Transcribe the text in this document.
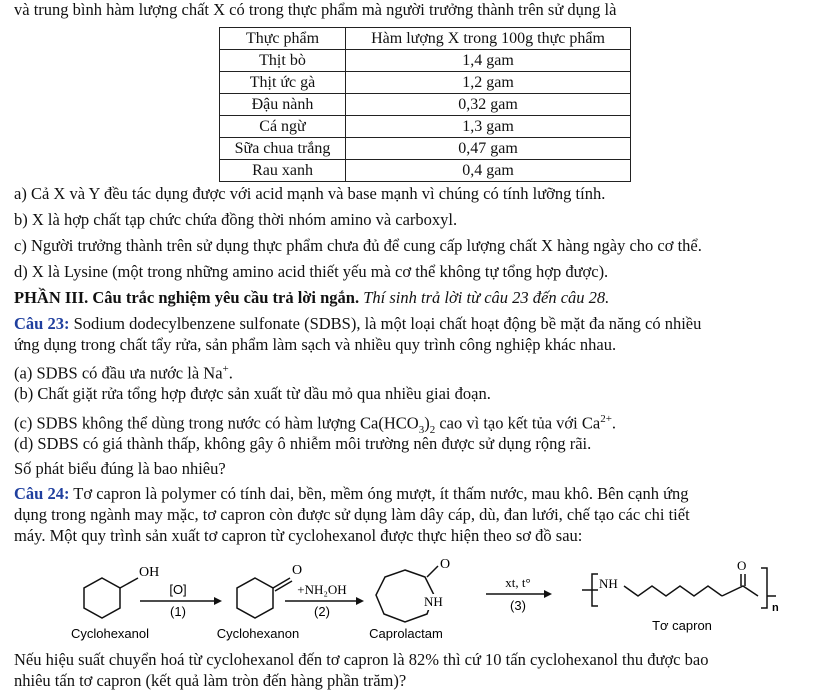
và trung bình hàm lượng chất X có trong thực phẩm mà người trưởng thành trên sử dụng là
Thực phẩm	Hàm lượng X trong 100g thực phẩm
Thịt bò	1,4 gam
Thịt ức gà	1,2 gam
Đậu nành	0,32 gam
Cá ngừ	1,3 gam
Sữa chua trắng	0,47 gam
Rau xanh	0,4 gam
a) Cả X và Y đều tác dụng được với acid mạnh và base mạnh vì chúng có tính lưỡng tính.
b) X là hợp chất tạp chức chứa đồng thời nhóm amino và carboxyl.
c) Người trưởng thành trên sử dụng thực phẩm chưa đủ để cung cấp lượng chất X hàng ngày cho cơ thể.
d) X là Lysine (một trong những amino acid thiết yếu mà cơ thể không tự tổng hợp được).
PHẦN III. Câu trắc nghiệm yêu cầu trả lời ngắn. Thí sinh trả lời từ câu 23 đến câu 28.
Câu 23: Sodium dodecylbenzene sulfonate (SDBS), là một loại chất hoạt động bề mặt đa năng có nhiều
ứng dụng trong chất tẩy rửa, sản phẩm làm sạch và nhiều quy trình công nghiệp khác nhau.
(a) SDBS có đầu ưa nước là Na+.
(b) Chất giặt rửa tổng hợp được sản xuất từ dầu mỏ qua nhiều giai đoạn.
(c) SDBS không thể dùng trong nước có hàm lượng $Ca(HCO_3)_2$ cao vì tạo kết tủa với $Ca^{2+}$.
(d) SDBS có giá thành thấp, không gây ô nhiễm môi trường nên được sử dụng rộng rãi.
Số phát biểu đúng là bao nhiêu?
Câu 24: Tơ capron là polymer có tính dai, bền, mềm óng mượt, ít thấm nước, mau khô. Bên cạnh ứng
dụng trong ngành may mặc, tơ capron còn được sử dụng làm dây cáp, dù, đan lưới, chế tạo các chi tiết
máy. Một quy trình sản xuất tơ capron từ cyclohexanol được thực hiện theo sơ đồ sau:
OH
[O]
(1)
O
+NH₂OH
(2)
O
NH
xt, t°
(3)
NH
O
n
Cyclohexanol	Cyclohexanon	Caprolactam
Tơ capron
Nếu hiệu suất chuyển hoá từ cyclohexanol đến tơ capron là 82% thì cứ 10 tấn cyclohexanol thu được bao
nhiêu tấn tơ capron (kết quả làm tròn đến hàng phần trăm)?
